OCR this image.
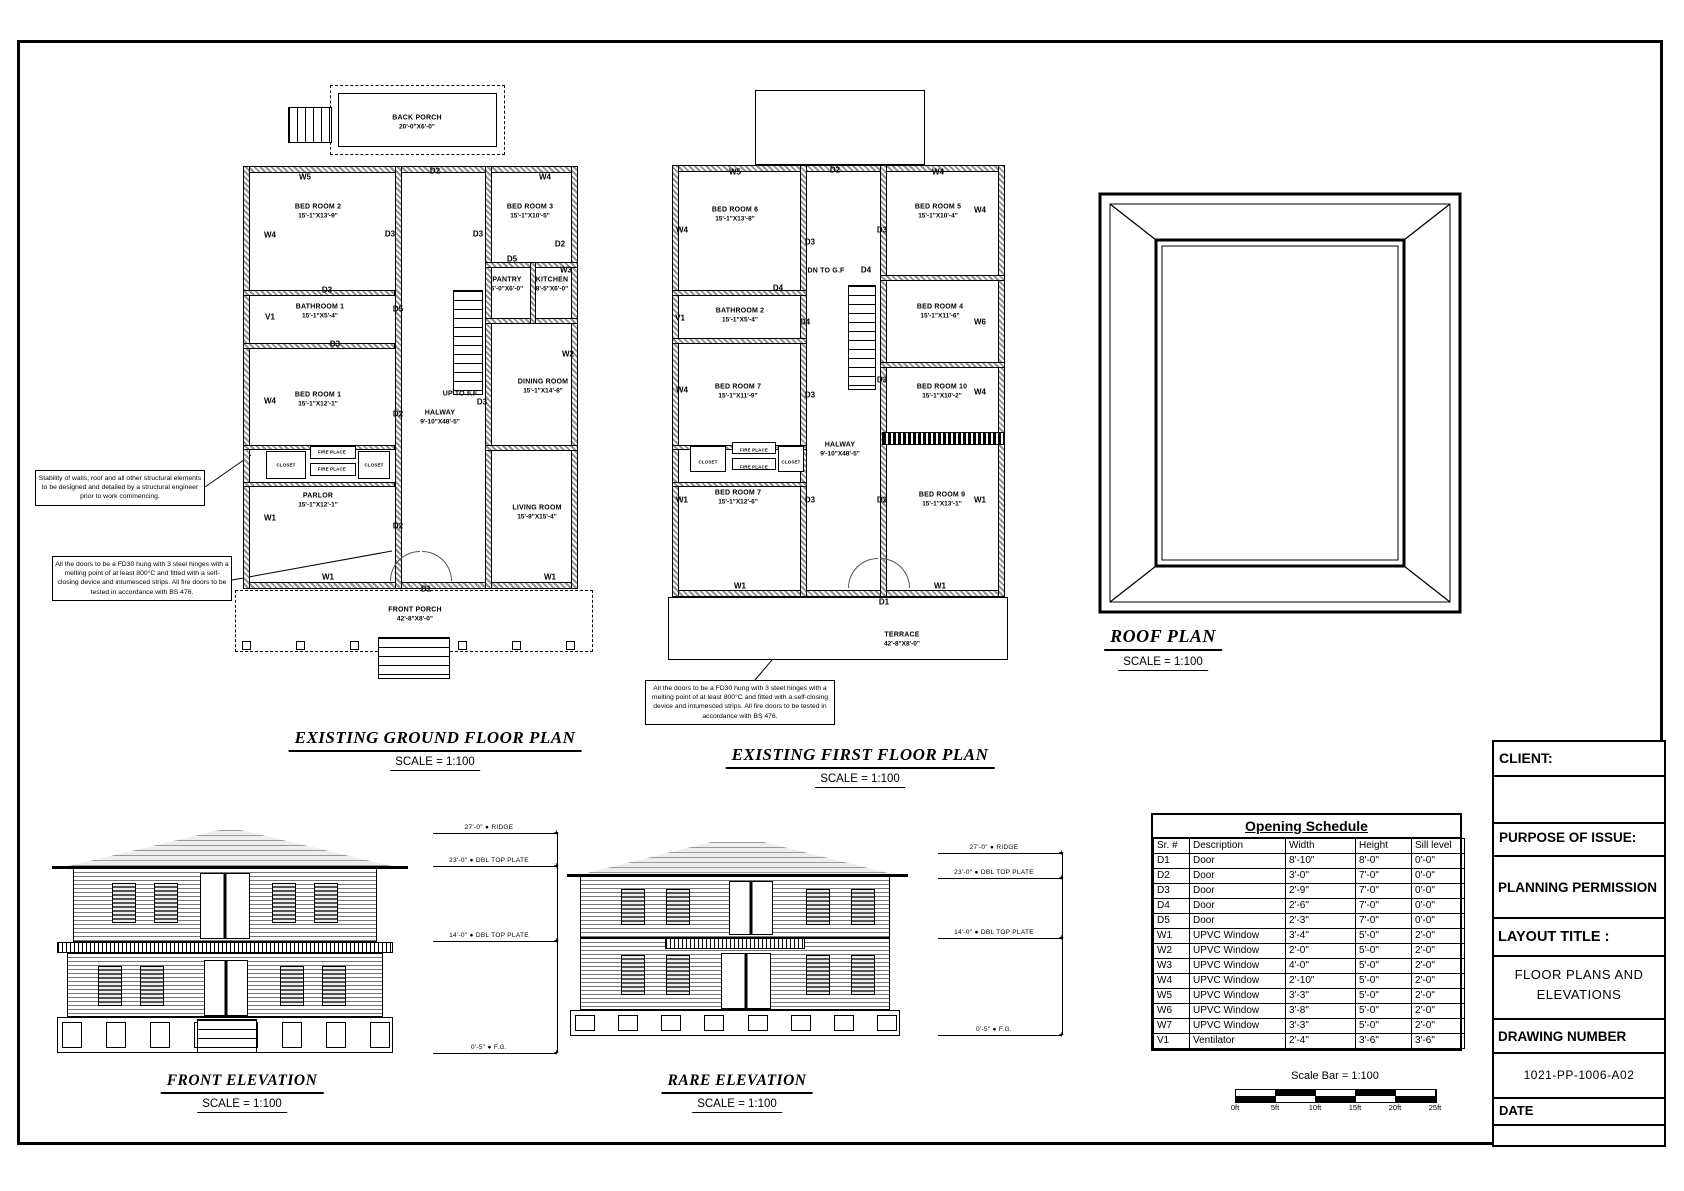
BACK PORCH
20'-0"X6'-0"
BED ROOM 2
15'-1"X13'-9"
BED ROOM 3
15'-1"X10'-5"
PANTRY
6'-0"X6'-0"
KITCHEN
8'-5"X6'-0"
BATHROOM 1
15'-1"X5'-4"
BED ROOM 1
15'-1"X12'-1"
DINING ROOM
15'-1"X14'-8"
UP TO F.F
HALWAY
9'-10"X48'-5"
CLOSET
FIRE PLACE
FIRE PLACE
CLOSET
PARLOR
15'-1"X12'-1"	LIVING ROOM
15'-9"X15'-4"
FRONT PORCH
42'-8"X8'-0"
W5
D2
W4
W4	D3	D3
D3
D5
D5
D2
W3
V1
D3
W2
D3
W4
D2
W1
D2
W1
D1
W1
EXISTING GROUND FLOOR PLAN
SCALE = 1:100
BED ROOM 6
15'-1"X13'-8"
BED ROOM 5
15'-1"X10'-4"
BATHROOM 2
15'-1"X5'-4"
BED ROOM 4
15'-1"X11'-6"
BED ROOM 7
15'-1"X11'-9"
BED ROOM 10
15'-1"X10'-2"
DN TO G.F
HALWAY
9'-10"X48'-5"
CLOSET
FIRE PLACE
FIRE PLACE
CLOSET
BED ROOM 7
15'-1"X12'-6"
BED ROOM 9
15'-1"X13'-1"
TERRACE
42'-8"X8'-0"
W5	D2	W4
W4
D3
D3
D4
V1	D4
D4
W6
W4
W4
D3
D3
W4
W1	D3	D2	W1
W1	W1
D1
EXISTING FIRST FLOOR PLAN
SCALE = 1:100
ROOF PLAN
SCALE = 1:100
Stability of walls, roof and all other structural elements to be designed and detailed by a structural engineer prior to work commencing.
All the doors to be a FD30 hung with 3 steel hinges with a melting point of at least 800°C and fitted with a self-closing device and intumesced strips. All fire doors to be tested in accordance with BS 476.
All the doors to be a FD30 hung with 3 steel hinges with a melting point of at least 800°C and fitted with a self-closing device and intumesced strips. All fire doors to be tested in accordance with BS 476.
27'-0" ● RIDGE
+
23'-0" ● DBL TOP PLATE
+
14'-0" ● DBL TOP PLATE
+
0'-5" ● F.G.
+
FRONT ELEVATION
SCALE = 1:100
27'-0" ● RIDGE
+
23'-0" ● DBL TOP PLATE
+
14'-0" ● DBL TOP PLATE
+
0'-5" ● F.G.
+
RARE ELEVATION
SCALE = 1:100
Opening Schedule
Sr. #	Description	Width	Height	Sill level
D1	Door	8'-10"	8'-0"	0'-0"
D2	Door	3'-0"	7'-0"	0'-0"
D3	Door	2'-9"	7'-0"	0'-0"
D4	Door	2'-6"	7'-0"	0'-0"
D5	Door	2'-3"	7'-0"	0'-0"
W1	UPVC Window	3'-4"	5'-0"	2'-0"
W2	UPVC Window	2'-0"	5'-0"	2'-0"
W3	UPVC Window	4'-0"	5'-0"	2'-0"
W4	UPVC Window	2'-10"	5'-0"	2'-0"
W5	UPVC Window	3'-3"	5'-0"	2'-0"
W6	UPVC Window	3'-8"	5'-0"	2'-0"
W7	UPVC Window	3'-3"	5'-0"	2'-0"
V1	Ventilator	2'-4"	3'-6"	3'-6"
Scale Bar = 1:100
0ft	5ft	10ft	15ft	20ft	25ft
CLIENT:
PURPOSE OF ISSUE:
PLANNING PERMISSION
LAYOUT TITLE :
FLOOR PLANS AND ELEVATIONS
DRAWING NUMBER
1021-PP-1006-A02
DATE
